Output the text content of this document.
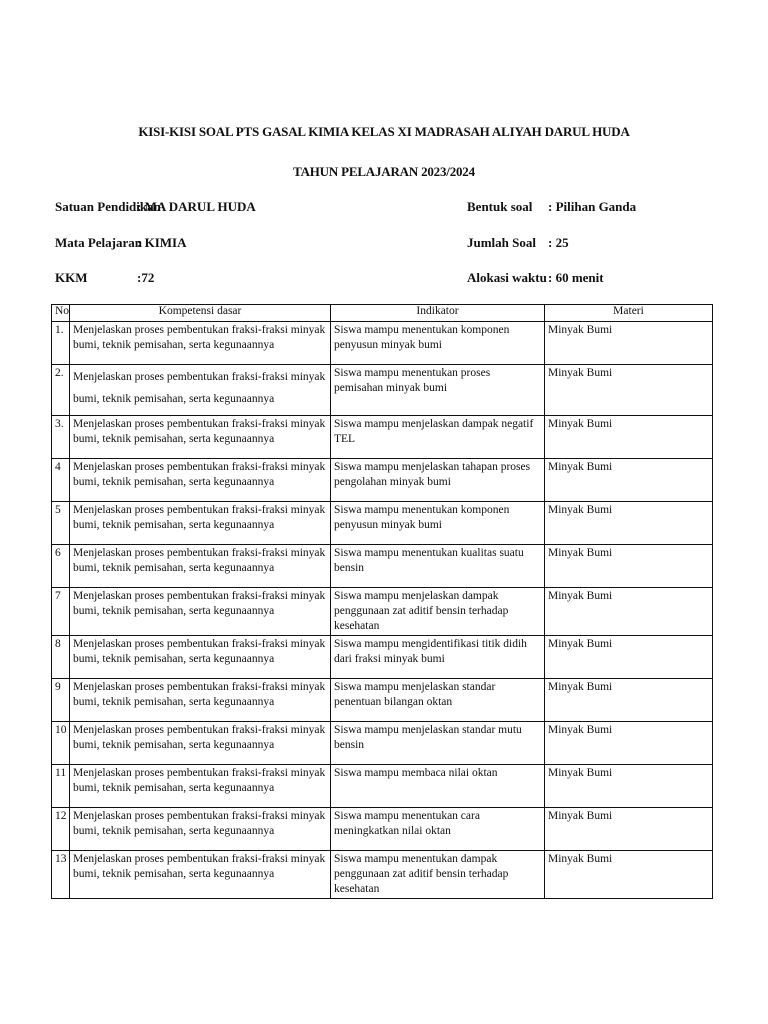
KISI-KISI SOAL PTS GASAL KIMIA KELAS XI MADRASAH ALIYAH DARUL HUDA
TAHUN PELAJARAN 2023/2024
Satuan Pendidikan
: MA DARUL HUDA
Mata Pelajaran
: KIMIA
KKM	:72
Bentuk soal : Pilihan Ganda
Jumlah Soal : 25
Alokasi waktu : 60 menit
No	Kompetensi dasar	Indikator	Materi
1.	Menjelaskan proses pembentukan fraksi-fraksi minyak bumi, teknik pemisahan, serta kegunaannya	Siswa mampu menentukan komponen penyusun minyak bumi	Minyak Bumi
2.	Menjelaskan proses pembentukan fraksi-fraksi minyak bumi, teknik pemisahan, serta kegunaannya	Siswa mampu menentukan proses pemisahan minyak bumi	Minyak Bumi
3.	Menjelaskan proses pembentukan fraksi-fraksi minyak bumi, teknik pemisahan, serta kegunaannya	Siswa mampu menjelaskan dampak negatif TEL	Minyak Bumi
4	Menjelaskan proses pembentukan fraksi-fraksi minyak bumi, teknik pemisahan, serta kegunaannya	Siswa mampu menjelaskan tahapan proses pengolahan minyak bumi	Minyak Bumi
5	Menjelaskan proses pembentukan fraksi-fraksi minyak bumi, teknik pemisahan, serta kegunaannya	Siswa mampu menentukan komponen penyusun minyak bumi	Minyak Bumi
6	Menjelaskan proses pembentukan fraksi-fraksi minyak bumi, teknik pemisahan, serta kegunaannya	Siswa mampu menentukan kualitas suatu bensin	Minyak Bumi
7	Menjelaskan proses pembentukan fraksi-fraksi minyak bumi, teknik pemisahan, serta kegunaannya	Siswa mampu menjelaskan dampak penggunaan zat aditif bensin terhadap kesehatan	Minyak Bumi
8	Menjelaskan proses pembentukan fraksi-fraksi minyak bumi, teknik pemisahan, serta kegunaannya	Siswa mampu mengidentifikasi titik didih dari fraksi minyak bumi	Minyak Bumi
9	Menjelaskan proses pembentukan fraksi-fraksi minyak bumi, teknik pemisahan, serta kegunaannya	Siswa mampu menjelaskan standar penentuan bilangan oktan	Minyak Bumi
10	Menjelaskan proses pembentukan fraksi-fraksi minyak bumi, teknik pemisahan, serta kegunaannya	Siswa mampu menjelaskan standar mutu bensin	Minyak Bumi
11	Menjelaskan proses pembentukan fraksi-fraksi minyak bumi, teknik pemisahan, serta kegunaannya	Siswa mampu membaca nilai oktan	Minyak Bumi
12	Menjelaskan proses pembentukan fraksi-fraksi minyak bumi, teknik pemisahan, serta kegunaannya	Siswa mampu menentukan cara meningkatkan nilai oktan	Minyak Bumi
13	Menjelaskan proses pembentukan fraksi-fraksi minyak bumi, teknik pemisahan, serta kegunaannya	Siswa mampu menentukan dampak penggunaan zat aditif bensin terhadap kesehatan	Minyak Bumi
